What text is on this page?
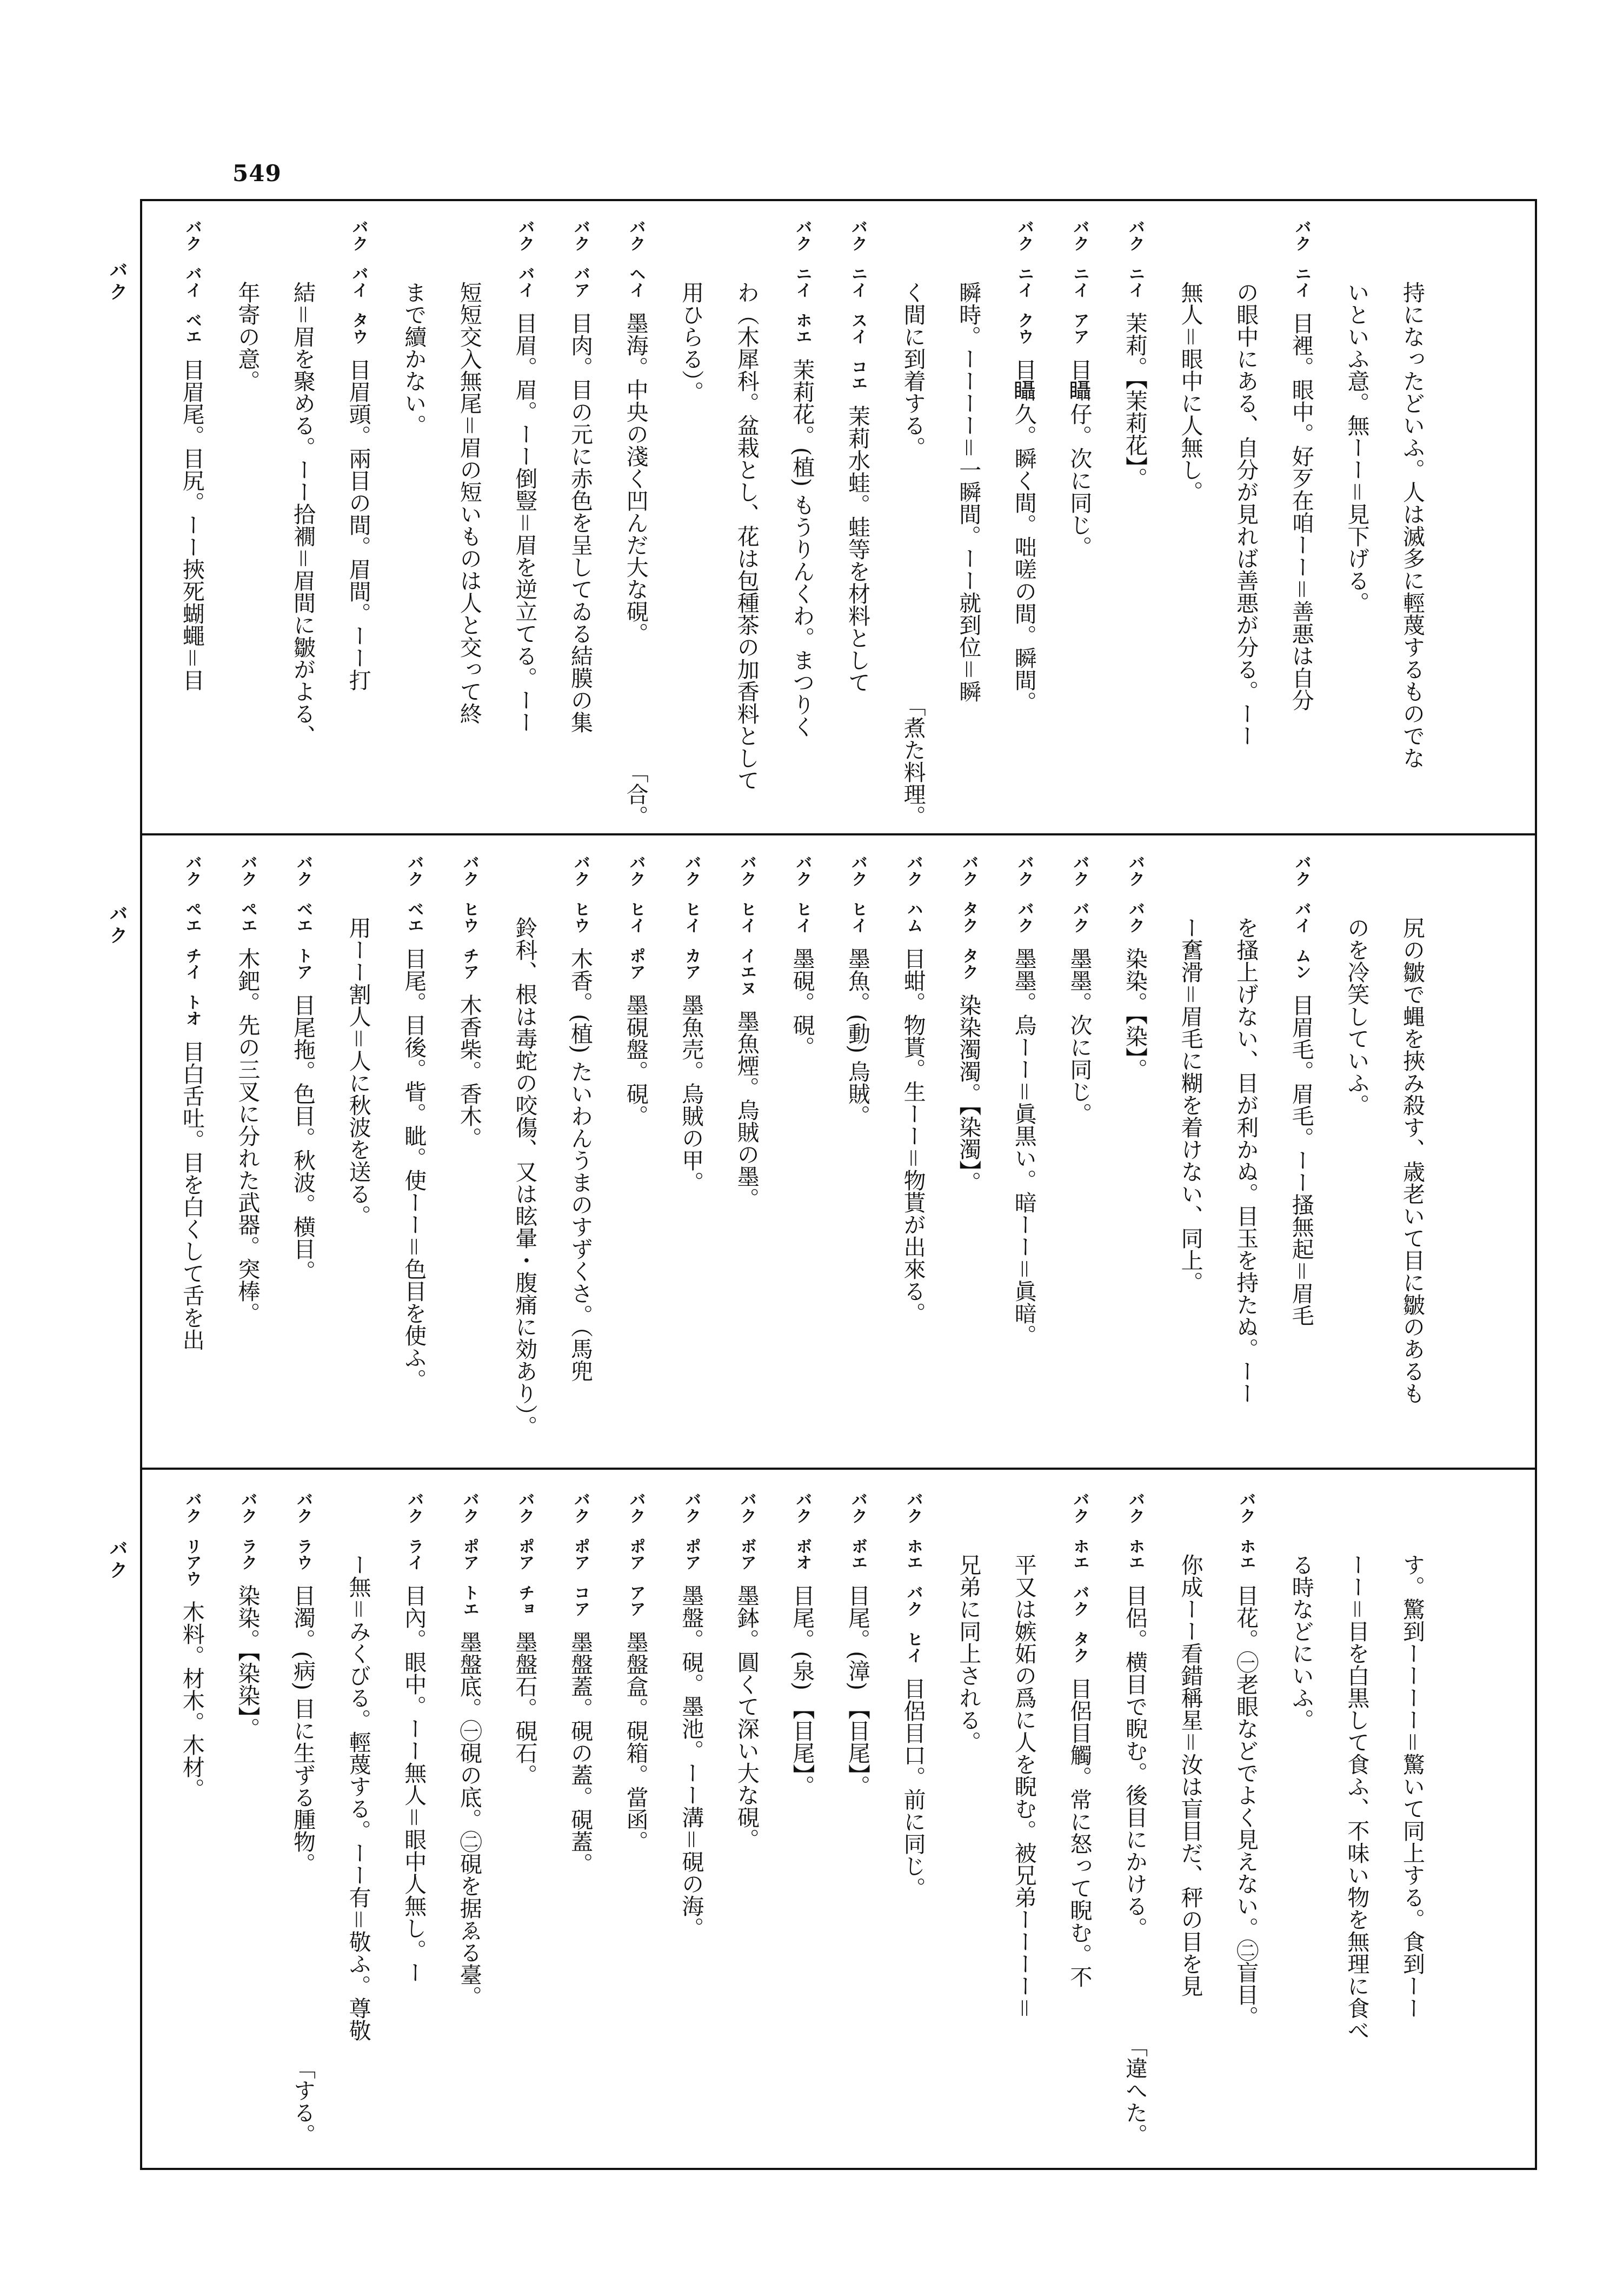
549
バク
バク
バク
持になったどいふ。人は滅多に輕蔑するものでな
いといふ意。無ーー＝見下げる。
バクニイ目裡。眼中。好歹在咱ーー＝善悪は自分
の眼中にある、自分が見れば善悪が分る。ーー
無人＝眼中に人無し。
バクニイ茉莉。【茉莉花】。
バクニイアア目𥍉仔。次に同じ。
バクニイクウ目𥍉久。瞬く間。咄嗟の間。瞬間。
瞬時。ーーーー＝一瞬間。ーー就到位＝瞬
く間に到着する。
「煮た料理。
バクニイスイコエ茉莉水蛙。蛙等を材料として
バクニイホエ茉莉花。(植) もうりんくわ。まつりく
わ（木犀科。盆栽とし、花は包種茶の加香料として
用ひらる）。
バクヘイ墨海。中央の淺く凹んだ大な硯。
「合。
バクバア目肉。目の元に赤色を呈してゐる結膜の集
バクバイ目眉。眉。ーー倒豎＝眉を逆立てる。ーー
短短交入無尾＝眉の短いものは人と交って終
まで續かない。
バクバイタウ目眉頭。兩目の間。眉間。ーー打
結＝眉を聚める。ーー拾襉＝眉間に皺がよる、
年寄の意。
バクバイベエ目眉尾。目尻。ーー挾死蝴蠅＝目
尻の皺で蝿を挾み殺す、歳老いて目に皺のあるも
のを冷笑していふ。
バクバイムン目眉毛。眉毛。ーー搔無起＝眉毛
を搔上げない、目が利かぬ。目玉を持たぬ。ーー
ー𡚒滑＝眉毛に糊を着けない、同上。
バクバク染染。【染】。
バクバク墨墨。次に同じ。
バクバク墨墨。烏ーー＝眞黒い。暗ーー＝眞暗。
バクタクタク染染濁濁。【染濁】。
バクハム目蚶。物貰。生ーー＝物貰が出來る。
バクヒイ墨魚。(動) 烏賊。
バクヒイ墨硯。硯。
バクヒイイエヌ墨魚煙。烏賊の墨。
バクヒイカア墨魚売。烏賊の甲。
バクヒイポア墨硯盤。硯。
バクヒウ木香。(植) たいわんうまのすずくさ。（馬兜
鈴科、根は毒蛇の咬傷、又は眩暈・腹痛に効あり）。
バクヒウチア木香柴。香木。
バクベエ目尾。目後。眥。眦。使ーー＝色目を使ふ。
用ーー割人＝人に秋波を送る。
バクベエトア目尾拖。色目。秋波。横目。
バクペエ木鈀。先の三叉に分れた武器。突棒。
バクペエチイトオ目白舌吐。目を白くして舌を出
す。驚到ーーーー＝驚いて同上する。食到ーー
ーー＝目を白黒して食ふ、不味い物を無理に食べ
る時などにいふ。
バクホエ目花。㊀老眼などでよく見えない。㊁盲目。
你成ーー看錯稱星＝汝は盲目だ、秤の目を見
バクホエ目侶。横目で睨む。後目にかける。
「違へた。
バクホエバクタク目侶目觸。常に怒って睨む。不
平又は嫉妬の爲に人を睨む。被兄弟ーーーー＝
兄弟に同上される。
バクホエバクヒイ目侶目口。前に同じ。
バクボエ目尾。(漳) 【目尾】。
バクボオ目尾。(泉) 【目尾】。
バクボア墨鉢。圓くて深い大な硯。
バクポア墨盤。硯。墨池。ーー溝＝硯の海。
バクポアアア墨盤盒。硯箱。當函。
バクポアコア墨盤蓋。硯の蓋。硯蓋。
バクポアチョ墨盤石。硯石。
バクポアトエ墨盤底。㊀硯の底。㊁硯を据ゑる臺。
バクライ目內。眼中。ーー無人＝眼中人無し。ー
ー無＝みくびる。輕蔑する。ーー有＝敬ふ。尊敬
バクラウ目濁。(病) 目に生ずる腫物。
「する。
バクラク染染。【染染】。
バクリアウ木料。材木。木材。
